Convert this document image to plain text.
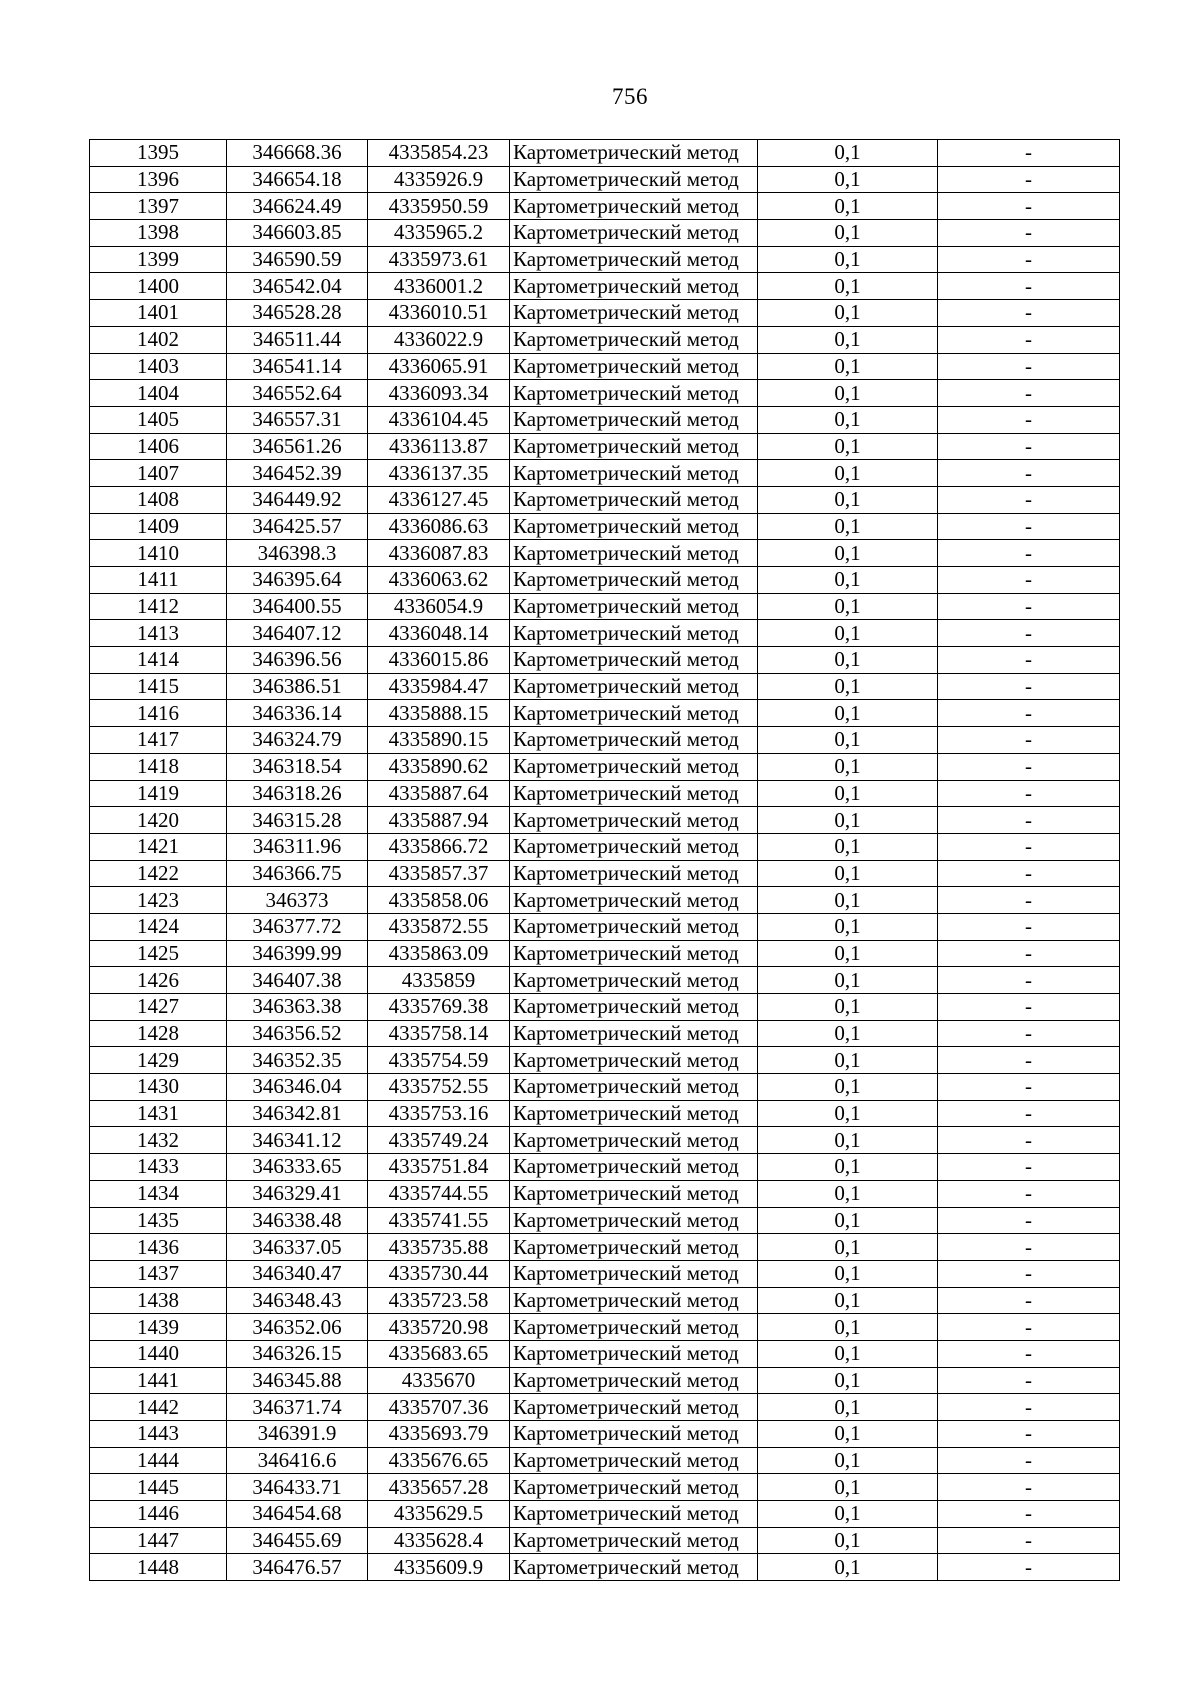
756
1395	346668.36	4335854.23	Картометрический метод	0,1	-
1396	346654.18	4335926.9	Картометрический метод	0,1	-
1397	346624.49	4335950.59	Картометрический метод	0,1	-
1398	346603.85	4335965.2	Картометрический метод	0,1	-
1399	346590.59	4335973.61	Картометрический метод	0,1	-
1400	346542.04	4336001.2	Картометрический метод	0,1	-
1401	346528.28	4336010.51	Картометрический метод	0,1	-
1402	346511.44	4336022.9	Картометрический метод	0,1	-
1403	346541.14	4336065.91	Картометрический метод	0,1	-
1404	346552.64	4336093.34	Картометрический метод	0,1	-
1405	346557.31	4336104.45	Картометрический метод	0,1	-
1406	346561.26	4336113.87	Картометрический метод	0,1	-
1407	346452.39	4336137.35	Картометрический метод	0,1	-
1408	346449.92	4336127.45	Картометрический метод	0,1	-
1409	346425.57	4336086.63	Картометрический метод	0,1	-
1410	346398.3	4336087.83	Картометрический метод	0,1	-
1411	346395.64	4336063.62	Картометрический метод	0,1	-
1412	346400.55	4336054.9	Картометрический метод	0,1	-
1413	346407.12	4336048.14	Картометрический метод	0,1	-
1414	346396.56	4336015.86	Картометрический метод	0,1	-
1415	346386.51	4335984.47	Картометрический метод	0,1	-
1416	346336.14	4335888.15	Картометрический метод	0,1	-
1417	346324.79	4335890.15	Картометрический метод	0,1	-
1418	346318.54	4335890.62	Картометрический метод	0,1	-
1419	346318.26	4335887.64	Картометрический метод	0,1	-
1420	346315.28	4335887.94	Картометрический метод	0,1	-
1421	346311.96	4335866.72	Картометрический метод	0,1	-
1422	346366.75	4335857.37	Картометрический метод	0,1	-
1423	346373	4335858.06	Картометрический метод	0,1	-
1424	346377.72	4335872.55	Картометрический метод	0,1	-
1425	346399.99	4335863.09	Картометрический метод	0,1	-
1426	346407.38	4335859	Картометрический метод	0,1	-
1427	346363.38	4335769.38	Картометрический метод	0,1	-
1428	346356.52	4335758.14	Картометрический метод	0,1	-
1429	346352.35	4335754.59	Картометрический метод	0,1	-
1430	346346.04	4335752.55	Картометрический метод	0,1	-
1431	346342.81	4335753.16	Картометрический метод	0,1	-
1432	346341.12	4335749.24	Картометрический метод	0,1	-
1433	346333.65	4335751.84	Картометрический метод	0,1	-
1434	346329.41	4335744.55	Картометрический метод	0,1	-
1435	346338.48	4335741.55	Картометрический метод	0,1	-
1436	346337.05	4335735.88	Картометрический метод	0,1	-
1437	346340.47	4335730.44	Картометрический метод	0,1	-
1438	346348.43	4335723.58	Картометрический метод	0,1	-
1439	346352.06	4335720.98	Картометрический метод	0,1	-
1440	346326.15	4335683.65	Картометрический метод	0,1	-
1441	346345.88	4335670	Картометрический метод	0,1	-
1442	346371.74	4335707.36	Картометрический метод	0,1	-
1443	346391.9	4335693.79	Картометрический метод	0,1	-
1444	346416.6	4335676.65	Картометрический метод	0,1	-
1445	346433.71	4335657.28	Картометрический метод	0,1	-
1446	346454.68	4335629.5	Картометрический метод	0,1	-
1447	346455.69	4335628.4	Картометрический метод	0,1	-
1448	346476.57	4335609.9	Картометрический метод	0,1	-
